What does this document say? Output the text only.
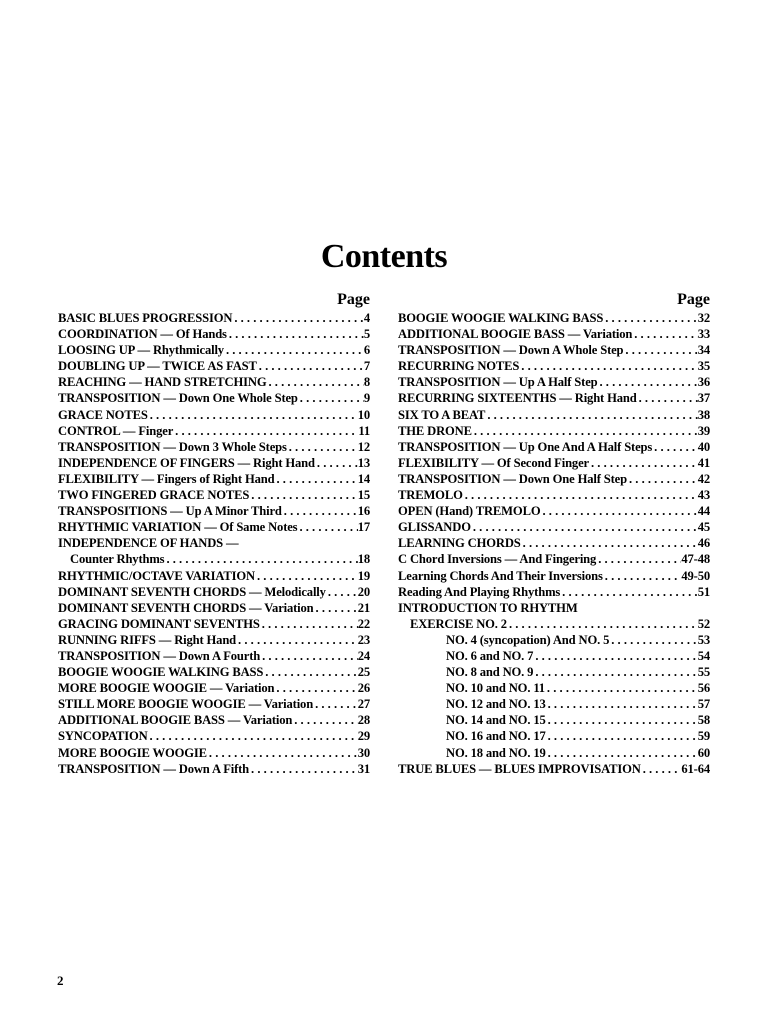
Contents
Page
BASIC BLUES PROGRESSION . . .	4
COORDINATION — Of Hands . . .	5
LOOSING UP — Rhythmically . . .	6
DOUBLING UP — TWICE AS FAST . . .	7
REACHING — HAND STRETCHING . . .	8
TRANSPOSITION — Down One Whole Step . . .	9
GRACE NOTES . . .	10
CONTROL — Finger . . .	11
TRANSPOSITION — Down 3 Whole Steps . . .	12
INDEPENDENCE OF FINGERS — Right Hand . . .	13
FLEXIBILITY — Fingers of Right Hand . . .	14
TWO FINGERED GRACE NOTES . . .	15
TRANSPOSITIONS — Up A Minor Third . . .	16
RHYTHMIC VARIATION — Of Same Notes . . .	17
INDEPENDENCE OF HANDS —
Counter Rhythms . . .	18
RHYTHMIC/OCTAVE VARIATION . . .	19
DOMINANT SEVENTH CHORDS — Melodically . . .	20
DOMINANT SEVENTH CHORDS — Variation . . .	21
GRACING DOMINANT SEVENTHS . . .	22
RUNNING RIFFS — Right Hand . . .	23
TRANSPOSITION — Down A Fourth . . .	24
BOOGIE WOOGIE WALKING BASS . . .	25
MORE BOOGIE WOOGIE — Variation . . .	26
STILL MORE BOOGIE WOOGIE — Variation . . .	27
ADDITIONAL BOOGIE BASS — Variation . . .	28
SYNCOPATION . . .	29
MORE BOOGIE WOOGIE . . .	30
TRANSPOSITION — Down A Fifth . . .	31
Page
BOOGIE WOOGIE WALKING BASS . . .	32
ADDITIONAL BOOGIE BASS — Variation . . .	33
TRANSPOSITION — Down A Whole Step . . .	34
RECURRING NOTES . . .	35
TRANSPOSITION — Up A Half Step . . .	36
RECURRING SIXTEENTHS — Right Hand . . .	37
SIX TO A BEAT . . .	38
THE DRONE . . .	39
TRANSPOSITION — Up One And A Half Steps . . .	40
FLEXIBILITY — Of Second Finger . . .	41
TRANSPOSITION — Down One Half Step . . .	42
TREMOLO . . .	43
OPEN (Hand) TREMOLO . . .	44
GLISSANDO . . .	45
LEARNING CHORDS . . .	46
C Chord Inversions — And Fingering . . .	47-48
Learning Chords And Their Inversions . . .	49-50
Reading And Playing Rhythms . . .	51
INTRODUCTION TO RHYTHM
EXERCISE NO. 2 . . .	52
NO. 4 (syncopation) And NO. 5 . . .	53
NO. 6 and NO. 7 . . .	54
NO. 8 and NO. 9 . . .	55
NO. 10 and NO. 11 . . .	56
NO. 12 and NO. 13 . . .	57
NO. 14 and NO. 15 . . .	58
NO. 16 and NO. 17 . . .	59
NO. 18 and NO. 19 . . .	60
TRUE BLUES — BLUES IMPROVISATION . . .	61-64
2
